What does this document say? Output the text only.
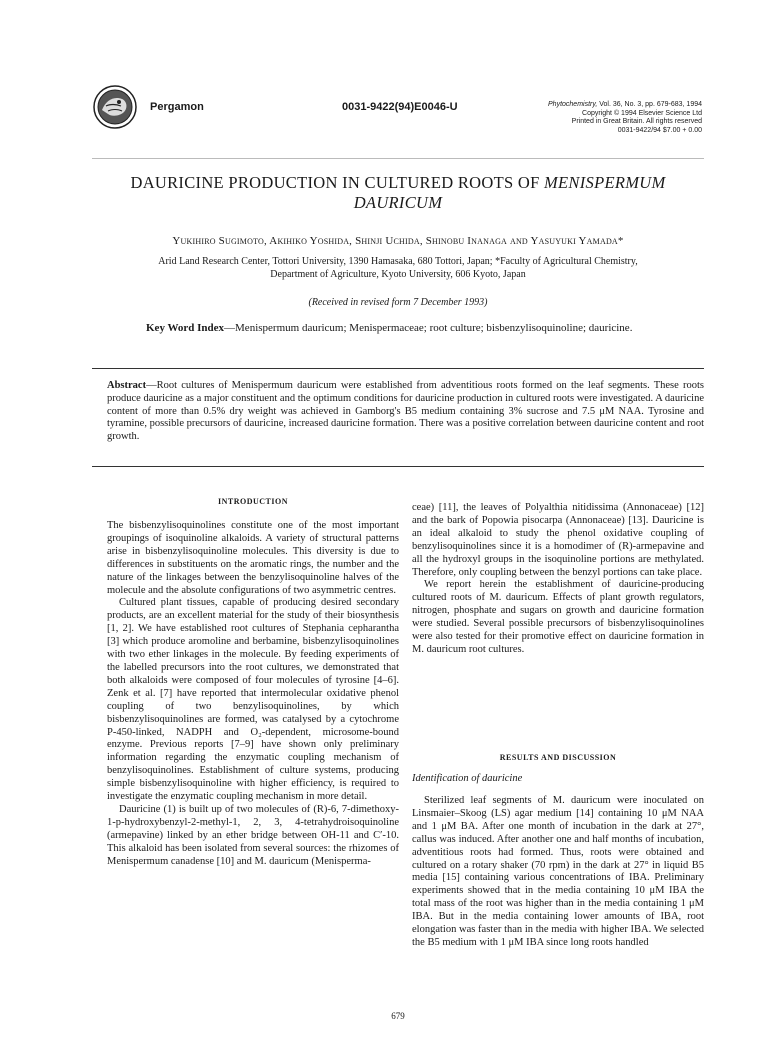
Pergamon	0031-9422(94)E0046-U	Phytochemistry, Vol. 36, No. 3, pp. 679-683, 1994
Copyright © 1994 Elsevier Science Ltd
Printed in Great Britain. All rights reserved
0031-9422/94 $7.00 + 0.00
DAURICINE PRODUCTION IN CULTURED ROOTS OF MENISPERMUM
DAURICUM
Yukihiro Sugimoto, Akihiko Yoshida, Shinji Uchida, Shinobu Inanaga and Yasuyuki Yamada*
Arid Land Research Center, Tottori University, 1390 Hamasaka, 680 Tottori, Japan; *Faculty of Agricultural Chemistry,
Department of Agriculture, Kyoto University, 606 Kyoto, Japan
(Received in revised form 7 December 1993)
Key Word Index—Menispermum dauricum; Menispermaceae; root culture; bisbenzylisoquinoline; dauricine.
Abstract—Root cultures of Menispermum dauricum were established from adventitious roots formed on the leaf segments. These roots produce dauricine as a major constituent and the optimum conditions for dauricine production in cultured roots were investigated. A dauricine content of more than 0.5% dry weight was achieved in Gamborg's B5 medium containing 3% sucrose and 7.5 μM NAA. Tyrosine and tyramine, possible precursors of dauricine, increased dauricine formation. There was a positive correlation between dauricine content and root growth.
INTRODUCTION

The bisbenzylisoquinolines constitute one of the most important groupings of isoquinoline alkaloids. A variety of structural patterns arise in bisbenzylisoquinoline molecules. This diversity is due to differences in substituents on the aromatic rings, the number and the nature of the linkages between the benzylisoquinoline halves of the molecule and the absolute configurations of two asymmetric centres.

Cultured plant tissues, capable of producing desired secondary products, are an excellent material for the study of their biosynthesis [1, 2]. We have established root cultures of Stephania cepharantha [3] which produce aromoline and berbamine, bisbenzylisoquinolines with two ether linkages in the molecule. By feeding experiments of the labelled precursors into the root cultures, we demonstrated that both alkaloids were composed of four molecules of tyrosine [4–6]. Zenk et al. [7] have reported that intermolecular oxidative phenol coupling of two benzylisoquinolines, by which bisbenzylisoquinolines are formed, was catalysed by a cytochrome P-450-linked, NADPH and O₂-dependent, microsome-bound enzyme. Previous reports [7–9] have shown only preliminary information regarding the enzymatic coupling mechanism of benzylisoquinolines. Establishment of culture systems, producing simple bisbenzylisoquinoline with higher efficiency, is required to investigate the enzymatic coupling mechanism in more detail.

Dauricine (1) is built up of two molecules of (R)-6, 7-dimethoxy-1-p-hydroxybenzyl-2-methyl-1, 2, 3, 4-tetrahydroisoquinoline (armepavine) linked by an ether bridge between OH-11 and C′-10. This alkaloid has been isolated from several sources: the rhizomes of Menispermum canadense [10] and M. dauricum (Menisperma-

ceae) [11], the leaves of Polyalthia nitidissima (Annonaceae) [12] and the bark of Popowia pisocarpa (Annonaceae) [13]. Dauricine is an ideal alkaloid to study the phenol oxidative coupling of benzylisoquinolines since it is a homodimer of (R)-armepavine and all the hydroxyl groups in the isoquinoline portions are methylated. Therefore, only coupling between the benzyl portions can take place.

We report herein the establishment of dauricine-producing cultured roots of M. dauricum. Effects of plant growth regulators, nitrogen, phosphate and sugars on growth and dauricine formation were studied. Several possible precursors of bisbenzylisoquinolines were also tested for their promotive effect on dauricine formation in M. dauricum root cultures.

RESULTS AND DISCUSSION
Identification of dauricine

Sterilized leaf segments of M. dauricum were inoculated on Linsmaier–Skoog (LS) agar medium [14] containing 10 μM NAA and 1 μM BA. After one month of incubation in the dark at 27°, callus was induced. After another one and half months of incubation, adventitious roots had formed. Thus, roots were obtained and cultured on a rotary shaker (70 rpm) in the dark at 27° in liquid B5 media [15] containing various concentrations of IBA. Preliminary experiments showed that in the media containing 10 μM IBA the total mass of the root was higher than in the media containing 1 μM IBA. But in the media containing lower amounts of IBA, root elongation was faster than in the media with higher IBA. We selected the B5 medium with 1 μM IBA since long roots handled

679
